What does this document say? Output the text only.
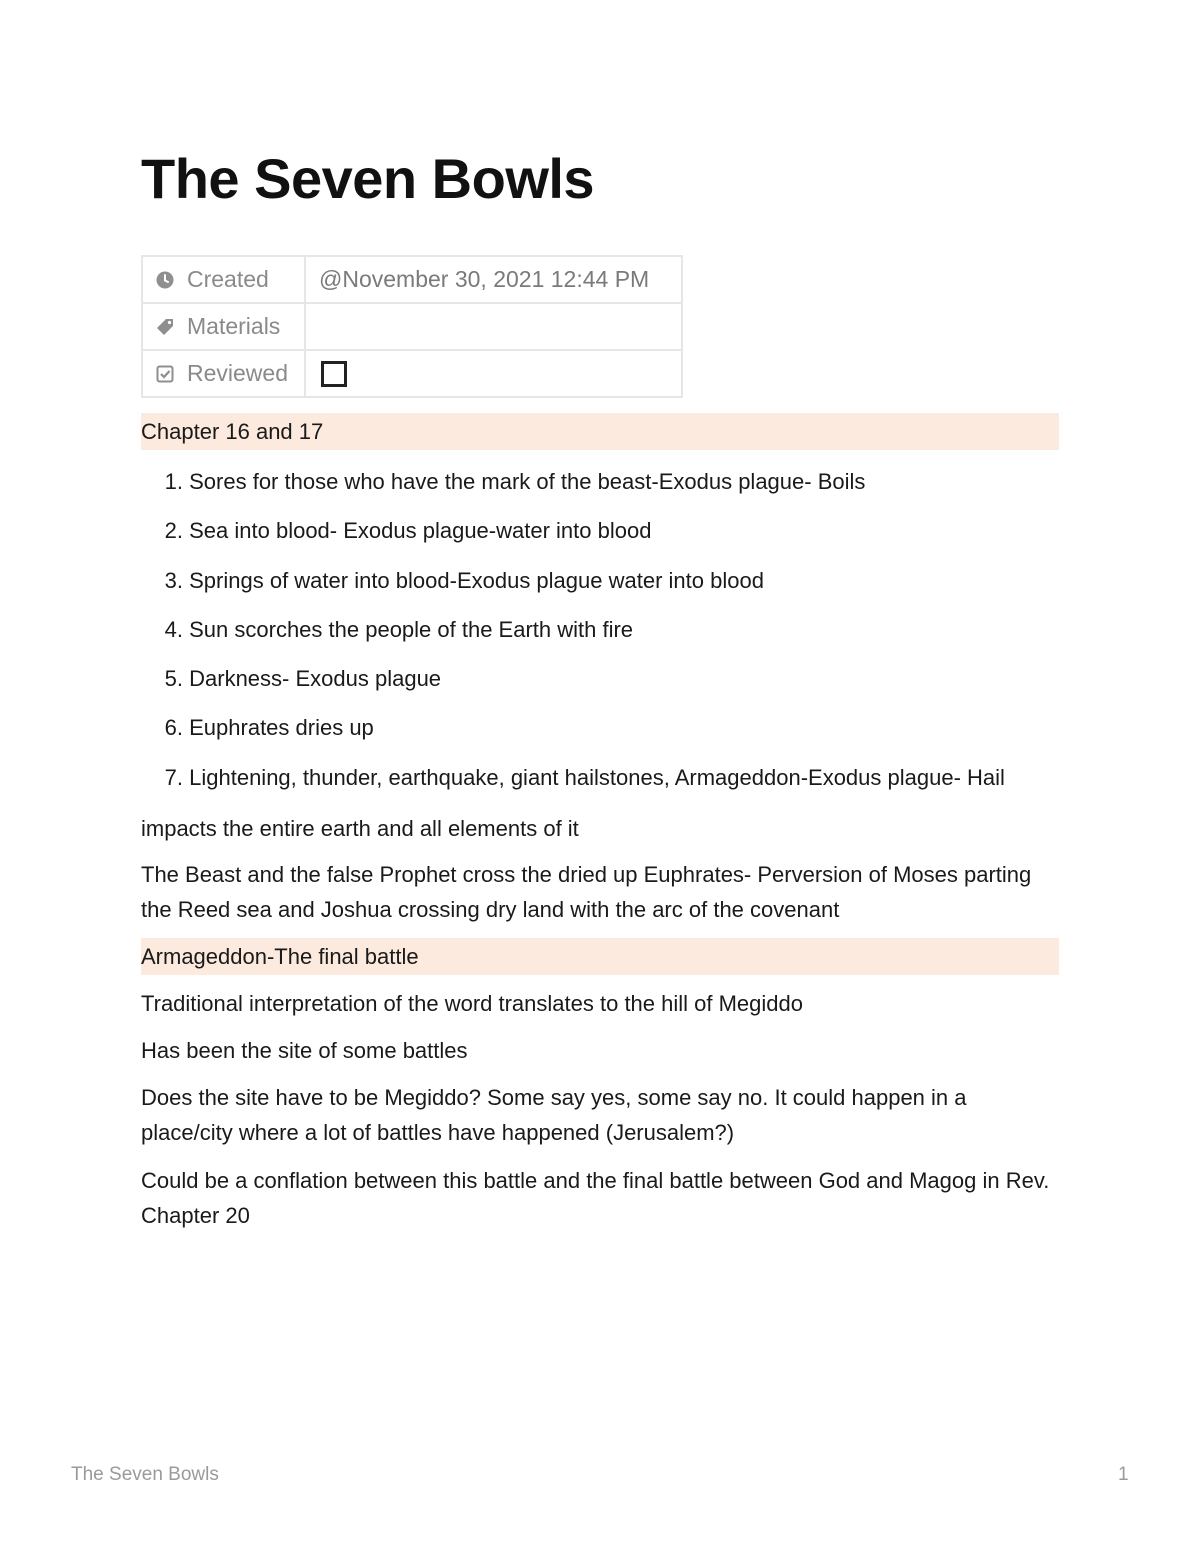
The Seven Bowls
Created	@November 30, 2021 12:44 PM

Materials	

Reviewed	

Chapter 16 and 17
1. Sores for those who have the mark of the beast-Exodus plague- Boils
2. Sea into blood- Exodus plague-water into blood
3. Springs of water into blood-Exodus plague water into blood
4. Sun scorches the people of the Earth with fire
5. Darkness- Exodus plague
6. Euphrates dries up
7. Lightening, thunder, earthquake, giant hailstones, Armageddon-Exodus plague- Hail

impacts the entire earth and all elements of it

The Beast and the false Prophet cross the dried up Euphrates- Perversion of Moses parting the Reed sea and Joshua crossing dry land with the arc of the covenant

Armageddon-The final battle

Traditional interpretation of the word translates to the hill of Megiddo

Has been the site of some battles

Does the site have to be Megiddo? Some say yes, some say no. It could happen in a place/city where a lot of battles have happened (Jerusalem?)

Could be a conflation between this battle and the final battle between God and Magog in Rev. Chapter 20

The Seven Bowls	1
